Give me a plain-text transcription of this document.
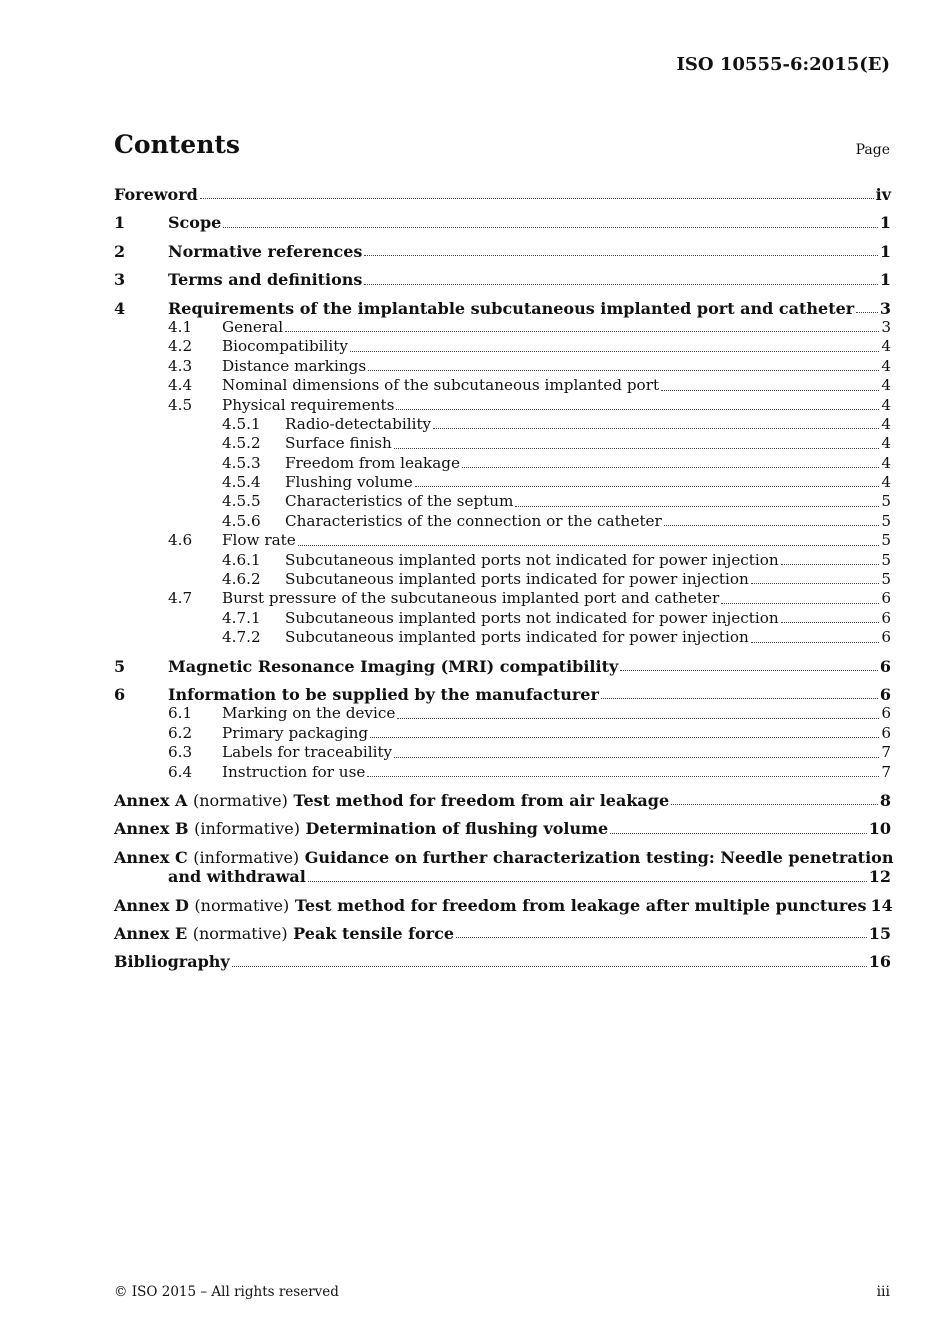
ISO 10555-6:2015(E)
Contents	Page
Foreword	iv
1	Scope	1
2	Normative references	1
3	Terms and definitions	1
4	Requirements of the implantable subcutaneous implanted port and catheter 3
4.1 General	3
4.2 Biocompatibility	4
4.3 Distance markings	4
4.4 Nominal dimensions of the subcutaneous implanted port	4
4.5 Physical requirements	4
4.5.1 Radio-detectability	4
4.5.2 Surface finish	4
4.5.3 Freedom from leakage	4
4.5.4 Flushing volume	4
4.5.5 Characteristics of the septum	5
4.5.6 Characteristics of the connection or the catheter	5
4.6 Flow rate	5
4.6.1 Subcutaneous implanted ports not indicated for power injection	5
4.6.2 Subcutaneous implanted ports indicated for power injection	5
4.7 Burst pressure of the subcutaneous implanted port and catheter	6
4.7.1 Subcutaneous implanted ports not indicated for power injection	6
4.7.2 Subcutaneous implanted ports indicated for power injection	6
5	Magnetic Resonance Imaging (MRI) compatibility	6
6	Information to be supplied by the manufacturer	6
6.1 Marking on the device	6
6.2 Primary packaging	6
6.3 Labels for traceability	7
6.4 Instruction for use	7
Annex A (normative) Test method for freedom from air leakage	8
Annex B (informative) Determination of flushing volume	10
Annex C (informative) Guidance on further characterization testing: Needle penetration
and withdrawal	12
Annex D (normative) Test method for freedom from leakage after multiple punctures 14
Annex E (normative) Peak tensile force	15
Bibliography	16
© ISO 2015 – All rights reserved	iii
